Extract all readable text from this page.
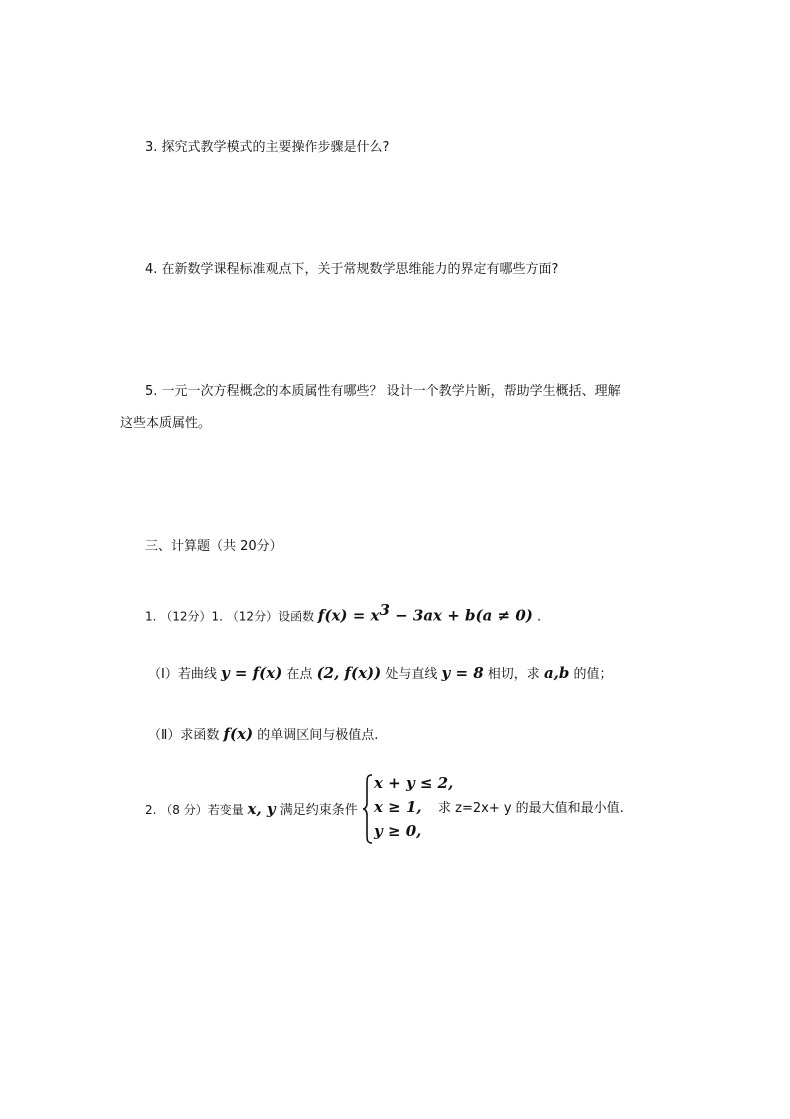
3. 探究式教学模式的主要操作步骤是什么?
4. 在新数学课程标准观点下，关于常规数学思维能力的界定有哪些方面?
5. 一元一次方程概念的本质属性有哪些？ 设计一个教学片断，帮助学生概括、理解
这些本质属性。
三、计算题（共 20分）
1. （12分）1. （12分）设函数 $f(x) = x^3 - 3ax + b(a \ne 0)$ .
（Ⅰ）若曲线 y = f(x) 在点 (2, f(x)) 处与直线 y = 8 相切，求 a,b 的值；
（Ⅱ）求函数 f(x) 的单调区间与极值点.
2. （8 分）若变量 x, y 满足约束条件
x + y ≤ 2,
x ≥ 1,
y ≥ 0,
求 z=2x+ y 的最大值和最小值.
